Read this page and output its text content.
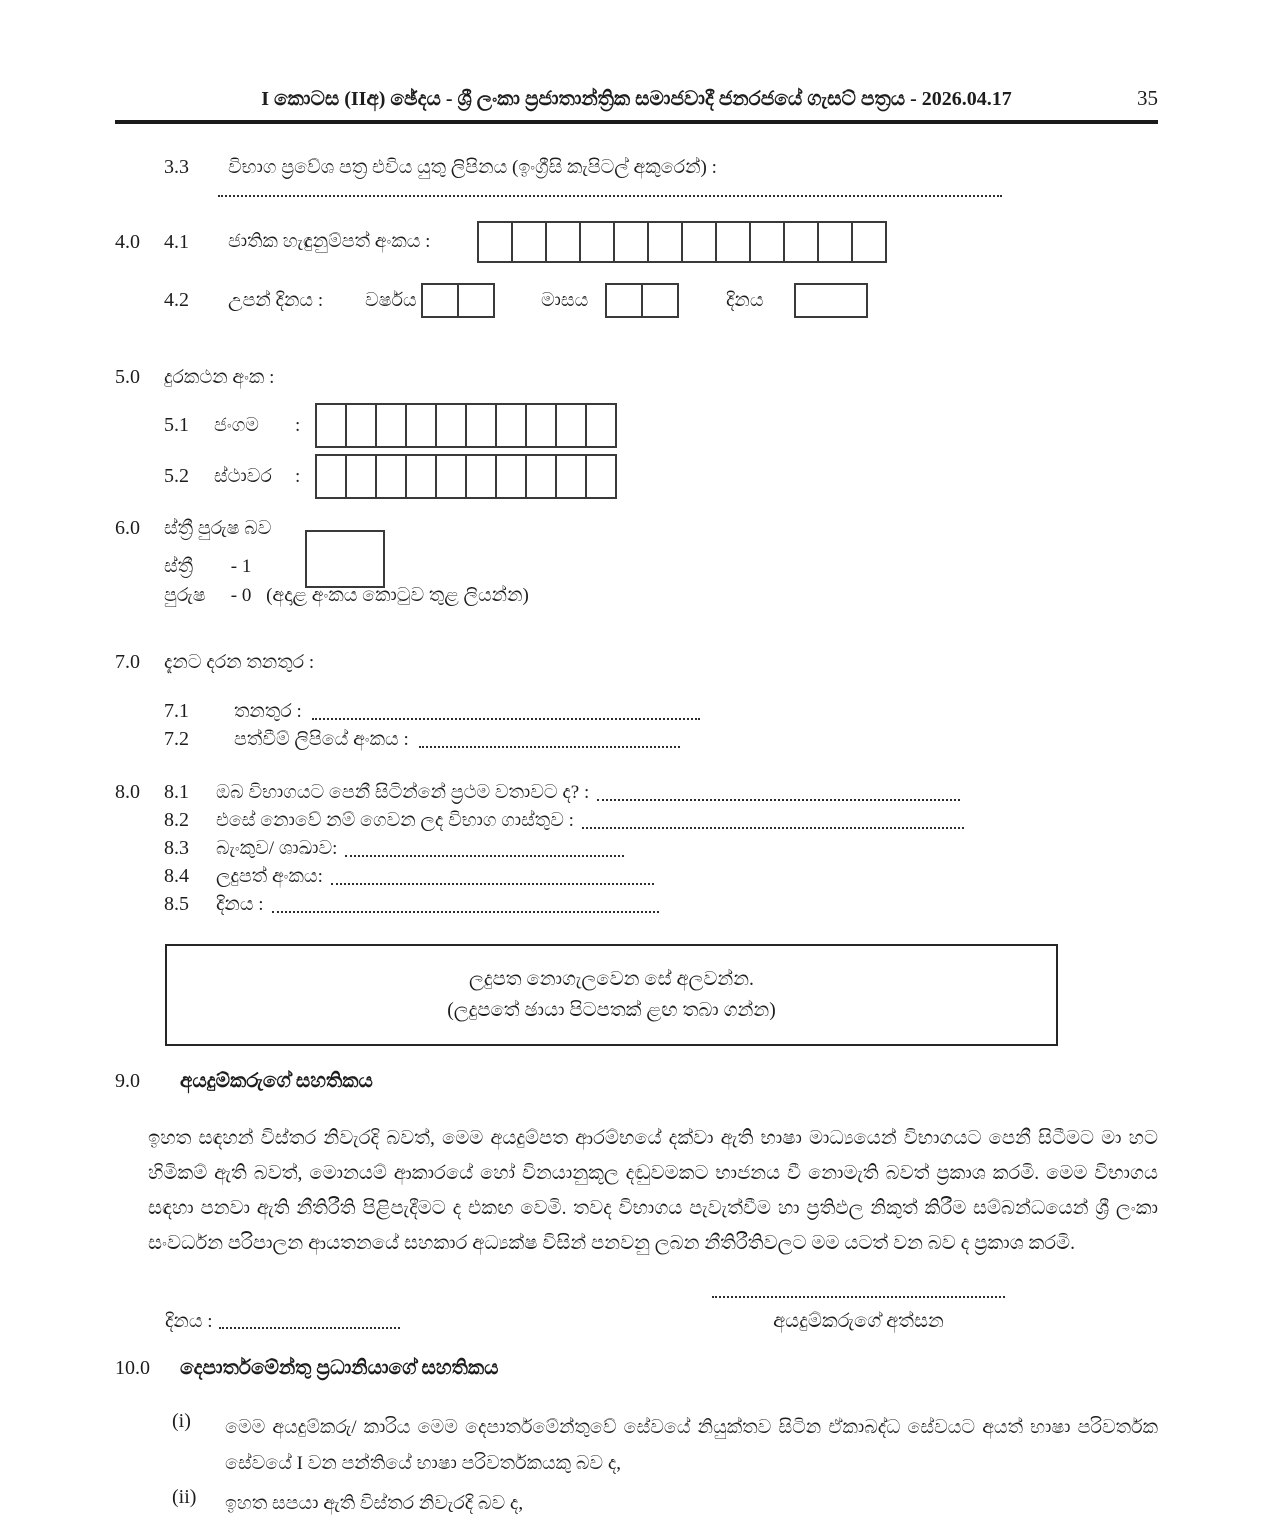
I කොටස (IIඅ) ඡේදය - ශ්‍රී ලංකා ප්‍රජාතාන්ත්‍රික සමාජවාදී ජනරජයේ ගැසට් පත්‍රය - 2026.04.17	35
3.3	විභාග ප්‍රවේශ පත්‍ර එවිය යුතු ලිපිනය (ඉංග්‍රීසි කැපිටල් අකුරෙන්) :
4.0	4.1	ජාතික හැඳුනුම්පත් අංකය :
4.2	උපන් දිනය :	වර්ෂය	මාසය	දිනය
5.0	දුරකථන අංක :
5.1	ජංගම	:
5.2	ස්ථාවර	:
6.0	ස්ත්‍රී පුරුෂ බව
ස්ත්‍රී - 1
පුරුෂ - 0 (අදාළ අංකය කොටුව තුළ ලියන්න)
7.0	දැනට දරන තනතුර :
7.1	තනතුර :
7.2	පත්වීම් ලිපියේ අංකය :
8.0	8.1	ඔබ විභාගයට පෙනී සිටින්නේ ප්‍රථම වතාවට ද? :
8.2	එසේ නොවේ නම් ගෙවන ලද විභාග ගාස්තුව :
8.3	බැංකුව/ ශාඛාව:
8.4	ලදුපත් අංකය:
8.5	දිනය :
ලදුපත නොගැලවෙන සේ අලවන්න.
(ලදුපතේ ඡායා පිටපතක් ළඟ තබා ගන්න)
9.0	අයදුම්කරුගේ සහතිකය
ඉහත සඳහන් විස්තර නිවැරදි බවත්, මෙම අයදුම්පත ආරම්භයේ දක්වා ඇති භාෂා මාධ්‍යයෙන් විභාගයට පෙනී සිටීමට මා හට හිමිකම් ඇති බවත්, මොනයම් ආකාරයේ හෝ විනයානුකූල දඬුවමකට භාජනය වී නොමැති බවත් ප්‍රකාශ කරමි. මෙම විභාගය සඳහා පනවා ඇති නීතිරීති පිළිපැදීමට ද එකඟ වෙමි. තවද විභාගය පැවැත්වීම හා ප්‍රතිඵල නිකුත් කිරීම සම්බන්ධයෙන් ශ්‍රී ලංකා සංවර්ධන පරිපාලන ආයතනයේ සහකාර අධ්‍යක්ෂ විසින් පනවනු ලබන නීතිරීතිවලට මම යටත් වන බව ද ප්‍රකාශ කරමි.
දිනය :	අයදුම්කරුගේ අත්සන
10.0	දෙපාර්තමේන්තු ප්‍රධානියාගේ සහතිකය
(i)	මෙම අයදුම්කරු/ කාරිය මෙම දෙපාර්තමේන්තුවේ සේවයේ නියුක්තව සිටින ඒකාබද්ධ සේවයට අයත් භාෂා පරිවර්තක සේවයේ I වන පන්තියේ භාෂා පරිවර්තකයකු බව ද,
(ii)	ඉහත සපයා ඇති විස්තර නිවැරදි බව ද,
